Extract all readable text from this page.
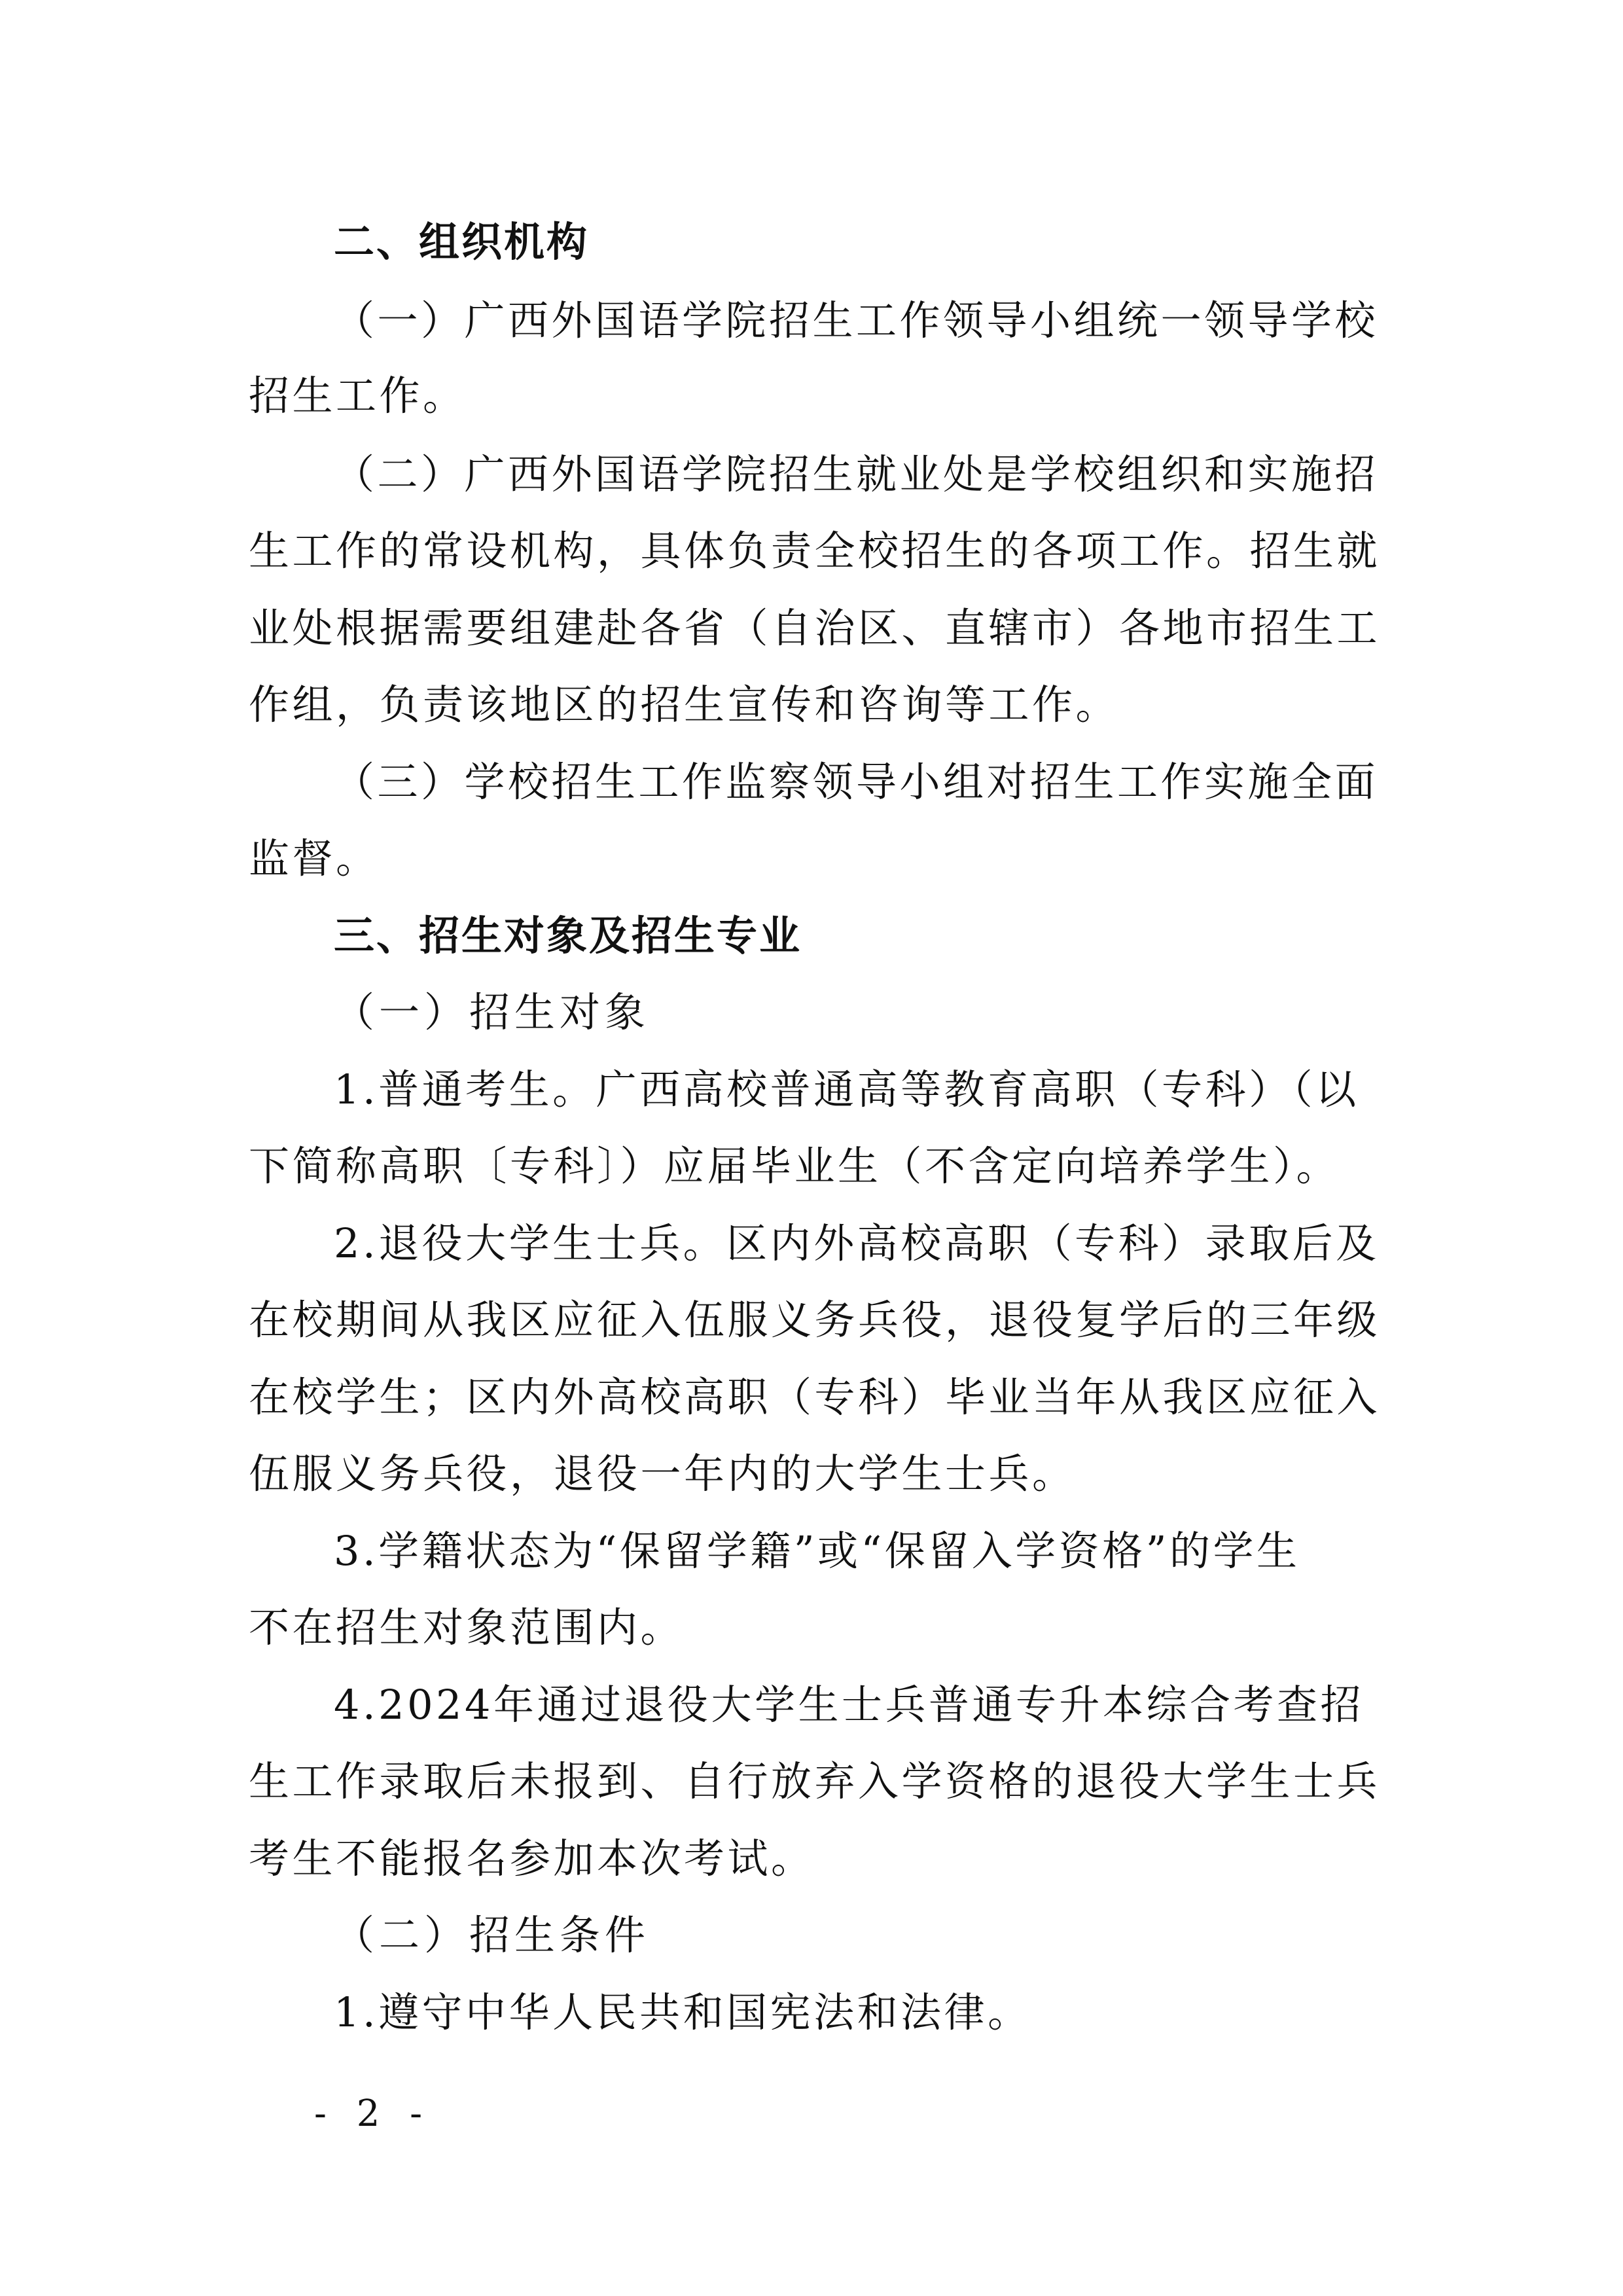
二、组织机构
（一）广西外国语学院招生工作领导小组统一领导学校
招生工作。
（二）广西外国语学院招生就业处是学校组织和实施招
生工作的常设机构，具体负责全校招生的各项工作。招生就
业处根据需要组建赴各省（自治区、直辖市）各地市招生工
作组，负责该地区的招生宣传和咨询等工作。
（三）学校招生工作监察领导小组对招生工作实施全面
监督。
三、招生对象及招生专业
（一）招生对象
1.普通考生。广西高校普通高等教育高职（专科）（以
下简称高职〔专科〕）应届毕业生（不含定向培养学生）。
2.退役大学生士兵。区内外高校高职（专科）录取后及
在校期间从我区应征入伍服义务兵役，退役复学后的三年级
在校学生；区内外高校高职（专科）毕业当年从我区应征入
伍服义务兵役，退役一年内的大学生士兵。
3.学籍状态为“保留学籍”或“保留入学资格”的学生
不在招生对象范围内。
4.2024年通过退役大学生士兵普通专升本综合考查招
生工作录取后未报到、自行放弃入学资格的退役大学生士兵
考生不能报名参加本次考试。
（二）招生条件
1.遵守中华人民共和国宪法和法律。
- 2 -
